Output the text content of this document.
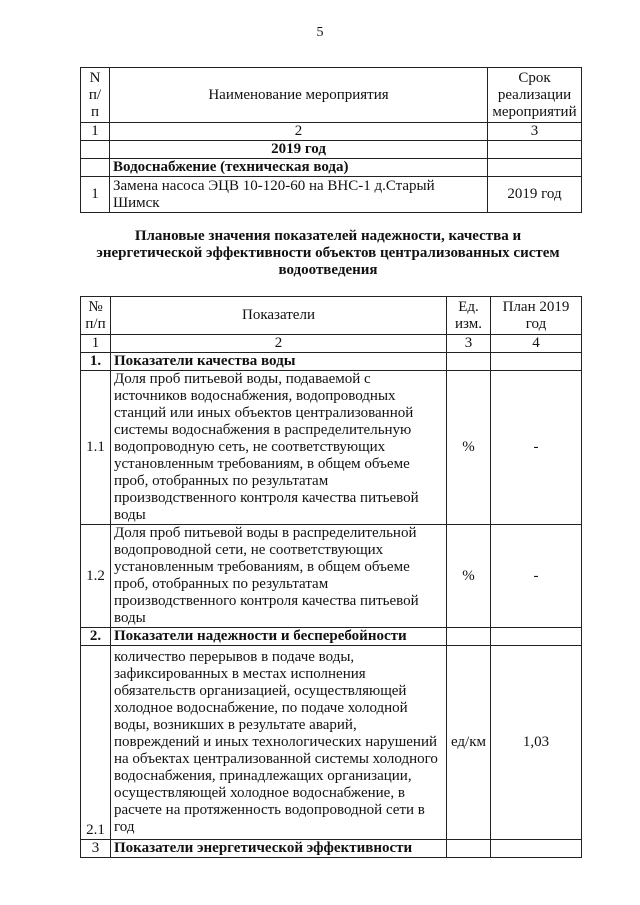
5
N п/ п	Наименование мероприятия	Срок реализации мероприятий
1	2	3
	2019 год	
	Водоснабжение (техническая вода)	
1	Замена насоса ЭЦВ 10-120-60 на ВНС-1 д.Старый Шимск	2019 год
Плановые значения показателей надежности, качества и энергетической эффективности объектов централизованных систем водоотведения
№ п/п	Показатели	Ед. изм.	План 2019 год
1	2	3	4
1.	Показатели качества воды		
1.1	Доля проб питьевой воды, подаваемой с источников водоснабжения, водопроводных станций или иных объектов централизованной системы водоснабжения в распределительную водопроводную сеть, не соответствующих установленным требованиям, в общем объеме проб, отобранных по результатам производственного контроля качества питьевой воды	%	-
1.2	Доля проб питьевой воды в распределительной водопроводной сети, не соответствующих установленным требованиям, в общем объеме проб, отобранных по результатам производственного контроля качества питьевой воды	%	-
2.	Показатели надежности и бесперебойности		
2.1	количество перерывов в подаче воды, зафиксированных в местах исполнения обязательств организацией, осуществляющей холодное водоснабжение, по подаче холодной воды, возникших в результате аварий, повреждений и иных технологических нарушений на объектах централизованной системы холодного водоснабжения, принадлежащих организации, осуществляющей холодное водоснабжение, в расчете на протяженность водопроводной сети в год	ед/км	1,03
3	Показатели энергетической эффективности		
